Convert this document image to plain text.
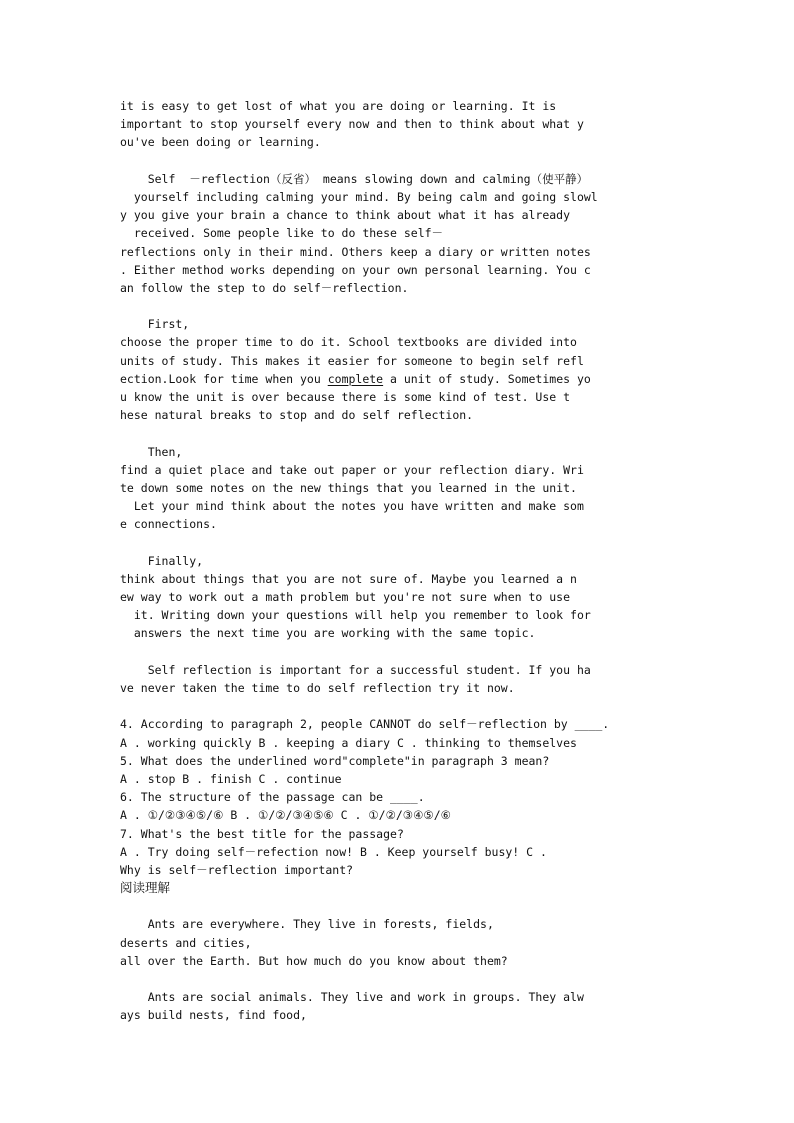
it is easy to get lost of what you are doing or learning. It is
important to stop yourself every now and then to think about what y
ou've been doing or learning.
Self  －reflection（反省） means slowing down and calming（使平静）
yourself including calming your mind. By being calm and going slowl
y you give your brain a chance to think about what it has already
received. Some people like to do these self－
reflections only in their mind. Others keep a diary or written notes
. Either method works depending on your own personal learning. You c
an follow the step to do self－reflection.
First,
choose the proper time to do it. School textbooks are divided into
units of study. This makes it easier for someone to begin self refl
ection.Look for time when you complete a unit of study. Sometimes yo
u know the unit is over because there is some kind of test. Use t
hese natural breaks to stop and do self reflection.
Then,
find a quiet place and take out paper or your reflection diary. Wri
te down some notes on the new things that you learned in the unit.
Let your mind think about the notes you have written and make som
e connections.
Finally,
think about things that you are not sure of. Maybe you learned a n
ew way to work out a math problem but you're not sure when to use
it. Writing down your questions will help you remember to look for
answers the next time you are working with the same topic.
Self reflection is important for a successful student. If you ha
ve never taken the time to do self reflection try it now.
4. According to paragraph 2, people CANNOT do self－reflection by ____.
A . working quickly B . keeping a diary C . thinking to themselves
5. What does the underlined word"complete"in paragraph 3 mean?
A . stop B . finish C . continue
6. The structure of the passage can be ____.
A . ①/②③④⑤/⑥ B . ①/②/③④⑤⑥ C . ①/②/③④⑤/⑥
7. What's the best title for the passage?
A . Try doing self－refection now! B . Keep yourself busy! C .
Why is self－reflection important?
阅读理解
Ants are everywhere. They live in forests, fields,
deserts and cities,
all over the Earth. But how much do you know about them?
Ants are social animals. They live and work in groups. They alw
ays build nests, find food,
